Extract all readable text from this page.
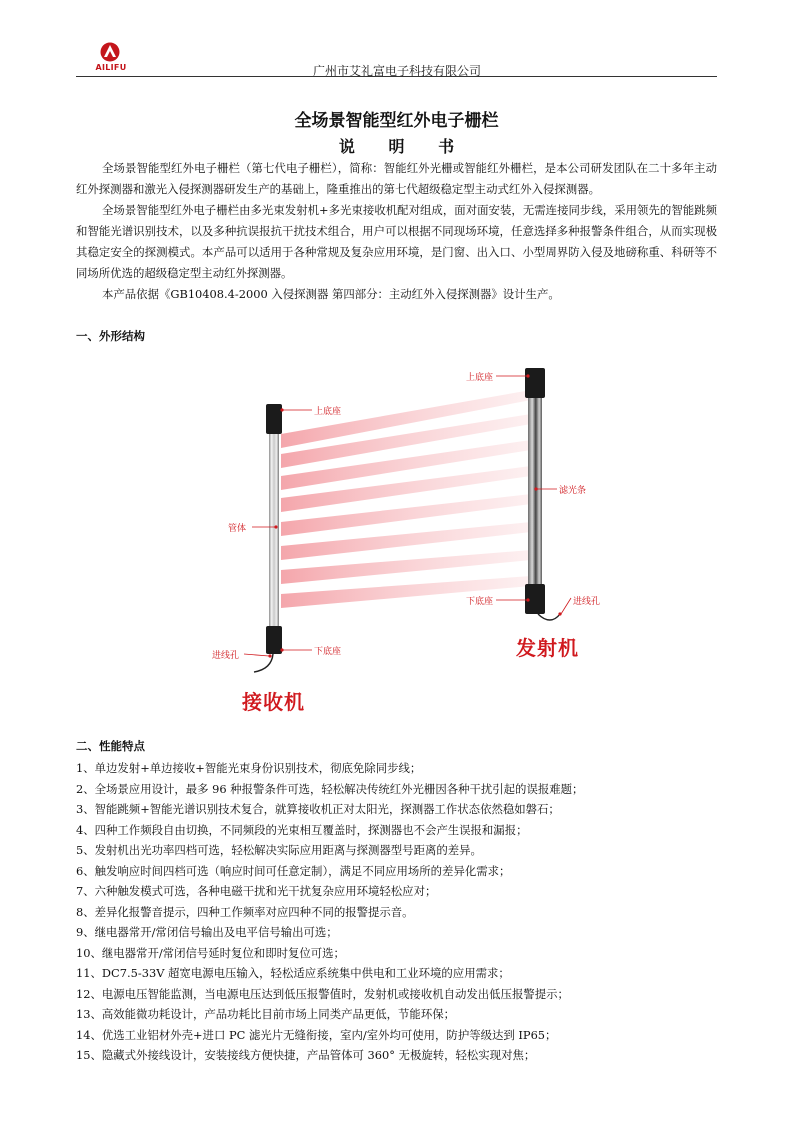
AILIFU	广州市艾礼富电子科技有限公司
全场景智能型红外电子栅栏
说 明 书

全场景智能型红外电子栅栏（第七代电子栅栏），简称：智能红外光栅或智能红外栅栏，是本公司研发团队在二十多年主动红外探测器和激光入侵探测器研发生产的基础上，隆重推出的第七代超级稳定型主动式红外入侵探测器。

全场景智能型红外电子栅栏由多光束发射机+多光束接收机配对组成，面对面安装，无需连接同步线，采用领先的智能跳频和智能光谱识别技术，以及多种抗误报抗干扰技术组合，用户可以根据不同现场环境，任意选择多种报警条件组合，从而实现极其稳定安全的探测模式。本产品可以适用于各种常规及复杂应用环境，是门窗、出入口、小型周界防入侵及地磅称重、科研等不同场所优选的超级稳定型主动红外探测器。

本产品依据《GB10408.4-2000 入侵探测器 第四部分：主动红外入侵探测器》设计生产。

一、外形结构
上底座
管体
下底座
进线孔
接收机
上底座
滤光条
下底座	进线孔
发射机
二、性能特点
1、单边发射+单边接收+智能光束身份识别技术，彻底免除同步线；
2、全场景应用设计，最多 96 种报警条件可选，轻松解决传统红外光栅因各种干扰引起的误报难题；
3、智能跳频+智能光谱识别技术复合，就算接收机正对太阳光，探测器工作状态依然稳如磐石；
4、四种工作频段自由切换，不同频段的光束相互覆盖时，探测器也不会产生误报和漏报；
5、发射机出光功率四档可选，轻松解决实际应用距离与探测器型号距离的差异。
6、触发响应时间四档可选（响应时间可任意定制），满足不同应用场所的差异化需求；
7、六种触发模式可选，各种电磁干扰和光干扰复杂应用环境轻松应对；
8、差异化报警音提示，四种工作频率对应四种不同的报警提示音。
9、继电器常开/常闭信号输出及电平信号输出可选；
10、继电器常开/常闭信号延时复位和即时复位可选；
11、DC7.5-33V 超宽电源电压输入，轻松适应系统集中供电和工业环境的应用需求；
12、电源电压智能监测，当电源电压达到低压报警值时，发射机或接收机自动发出低压报警提示；
13、高效能微功耗设计，产品功耗比目前市场上同类产品更低，节能环保；
14、优选工业铝材外壳+进口 PC 滤光片无缝衔接，室内/室外均可使用，防护等级达到 IP65；
15、隐藏式外接线设计，安装接线方便快捷，产品管体可 360° 无极旋转，轻松实现对焦；
